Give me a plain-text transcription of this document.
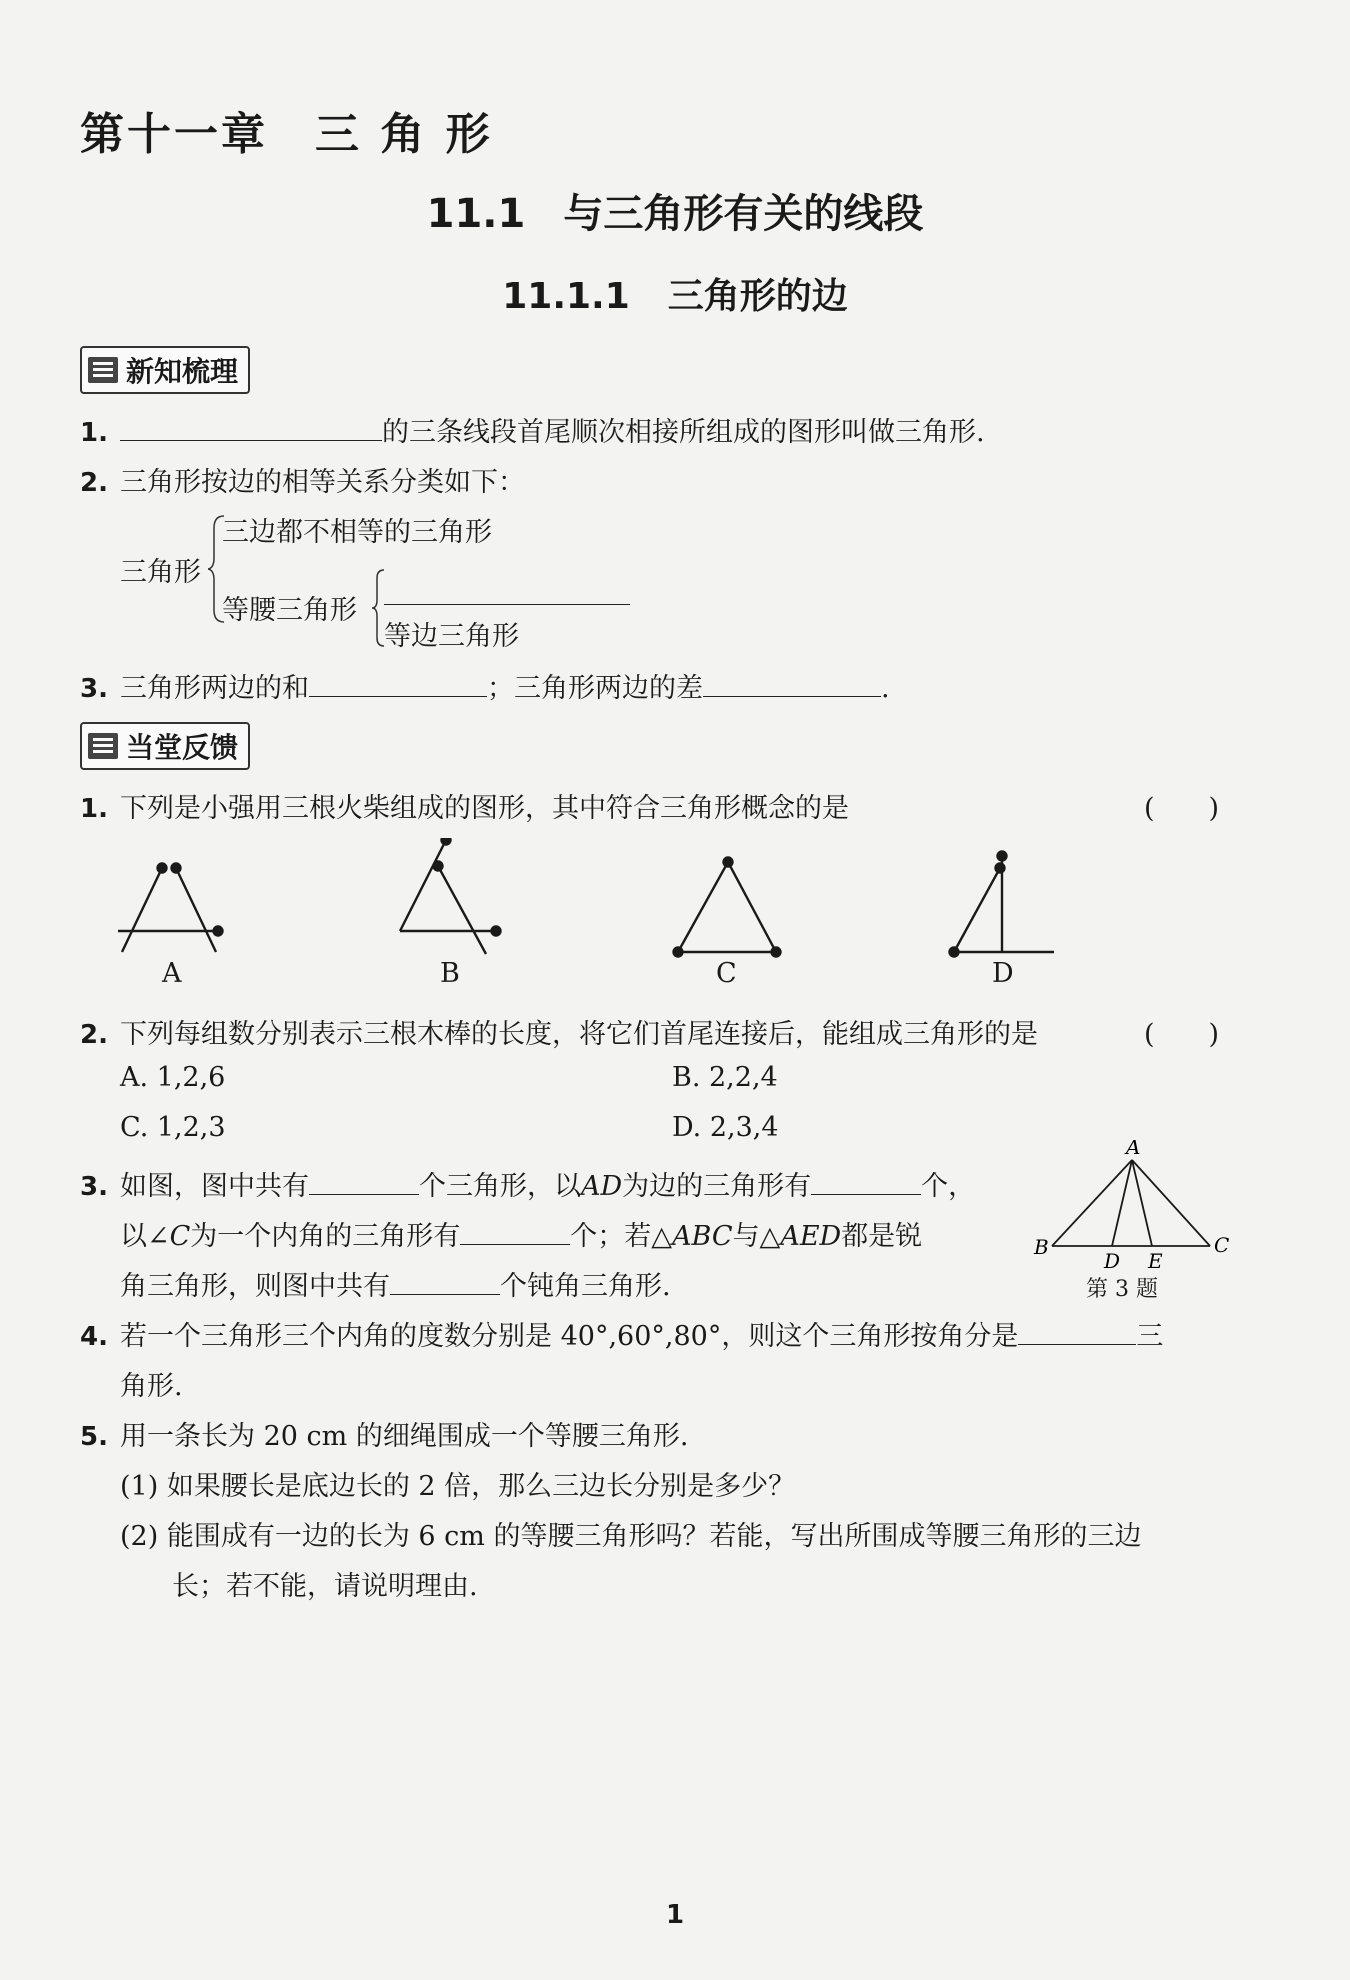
第十一章　三 角 形
11.1 与三角形有关的线段
11.1.1 三角形的边
新知梳理
1.	的三条线段首尾顺次相接所组成的图形叫做三角形.
2. 三角形按边的相等关系分类如下：
三角形
三边都不相等的三角形
等腰三角形
等边三角形
3. 三角形两边的和	；三角形两边的差	.
当堂反馈
1. 下列是小强用三根火柴组成的图形，其中符合三角形概念的是	(　　)
A	B	C	D
2. 下列每组数分别表示三根木棒的长度，将它们首尾连接后，能组成三角形的是	(　　)
A. 1,2,6	B. 2,2,4
C. 1,2,3	D. 2,3,4
3. 如图，图中共有	个三角形，以AD为边的三角形有	个，
以∠C为一个内角的三角形有	个；若△ABC与△AED都是锐
角三角形，则图中共有	个钝角三角形.
A
B	C
D E
第 3 题
4. 若一个三角形三个内角的度数分别是 40°,60°,80°，则这个三角形按角分是	三
角形.
5. 用一条长为 20 cm 的细绳围成一个等腰三角形.
(1) 如果腰长是底边长的 2 倍，那么三边长分别是多少？
(2) 能围成有一边的长为 6 cm 的等腰三角形吗？若能，写出所围成等腰三角形的三边
长；若不能，请说明理由.
1
